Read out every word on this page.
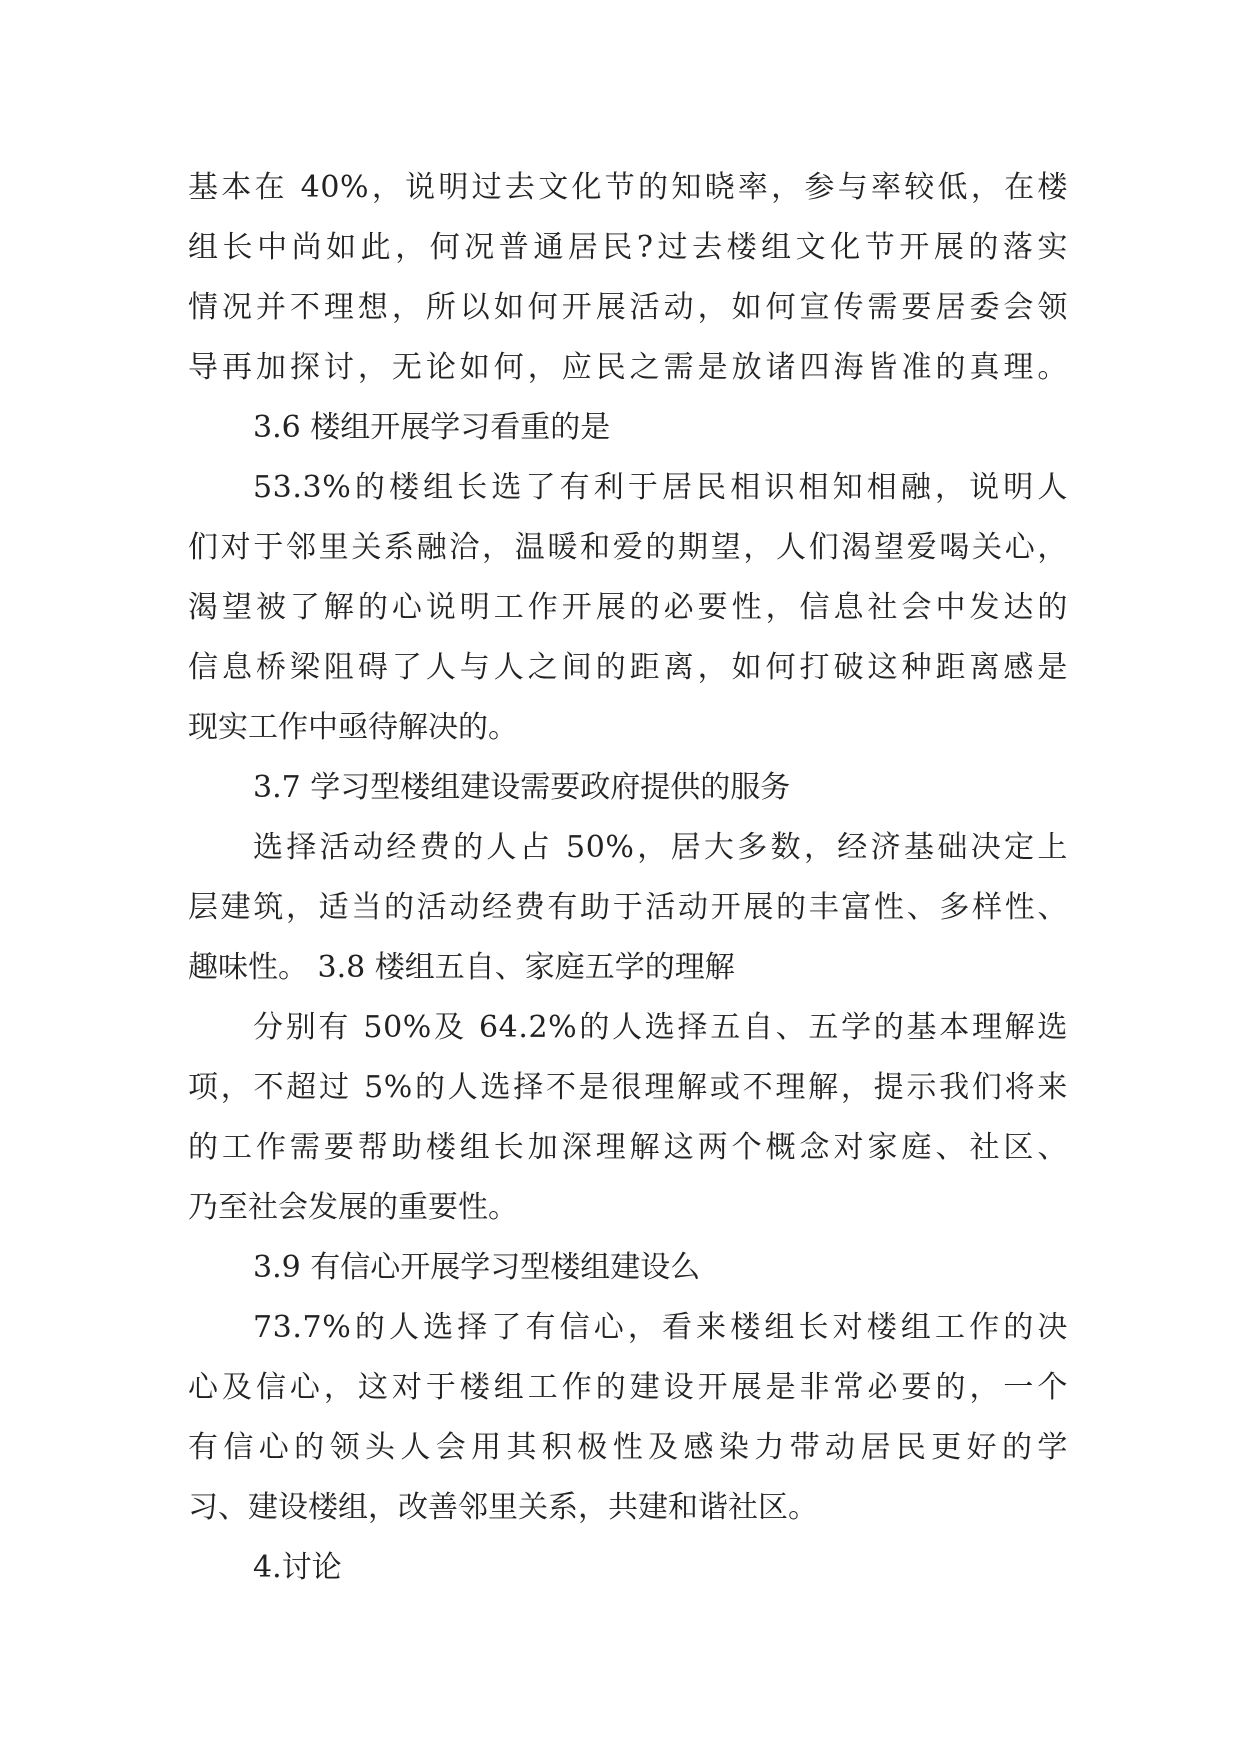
基本在 40%，说明过去文化节的知晓率，参与率较低，在楼
组长中尚如此，何况普通居民?过去楼组文化节开展的落实
情况并不理想，所以如何开展活动，如何宣传需要居委会领
导再加探讨，无论如何，应民之需是放诸四海皆准的真理。
3.6 楼组开展学习看重的是
53.3%的楼组长选了有利于居民相识相知相融，说明人
们对于邻里关系融洽，温暖和爱的期望，人们渴望爱喝关心，
渴望被了解的心说明工作开展的必要性，信息社会中发达的
信息桥梁阻碍了人与人之间的距离，如何打破这种距离感是
现实工作中亟待解决的。
3.7 学习型楼组建设需要政府提供的服务
选择活动经费的人占 50%，居大多数，经济基础决定上
层建筑，适当的活动经费有助于活动开展的丰富性、多样性、
趣味性。 3.8 楼组五自、家庭五学的理解
分别有 50%及 64.2%的人选择五自、五学的基本理解选
项，不超过 5%的人选择不是很理解或不理解，提示我们将来
的工作需要帮助楼组长加深理解这两个概念对家庭、社区、
乃至社会发展的重要性。
3.9 有信心开展学习型楼组建设么
73.7%的人选择了有信心，看来楼组长对楼组工作的决
心及信心，这对于楼组工作的建设开展是非常必要的，一个
有信心的领头人会用其积极性及感染力带动居民更好的学
习、建设楼组，改善邻里关系，共建和谐社区。
4.讨论
